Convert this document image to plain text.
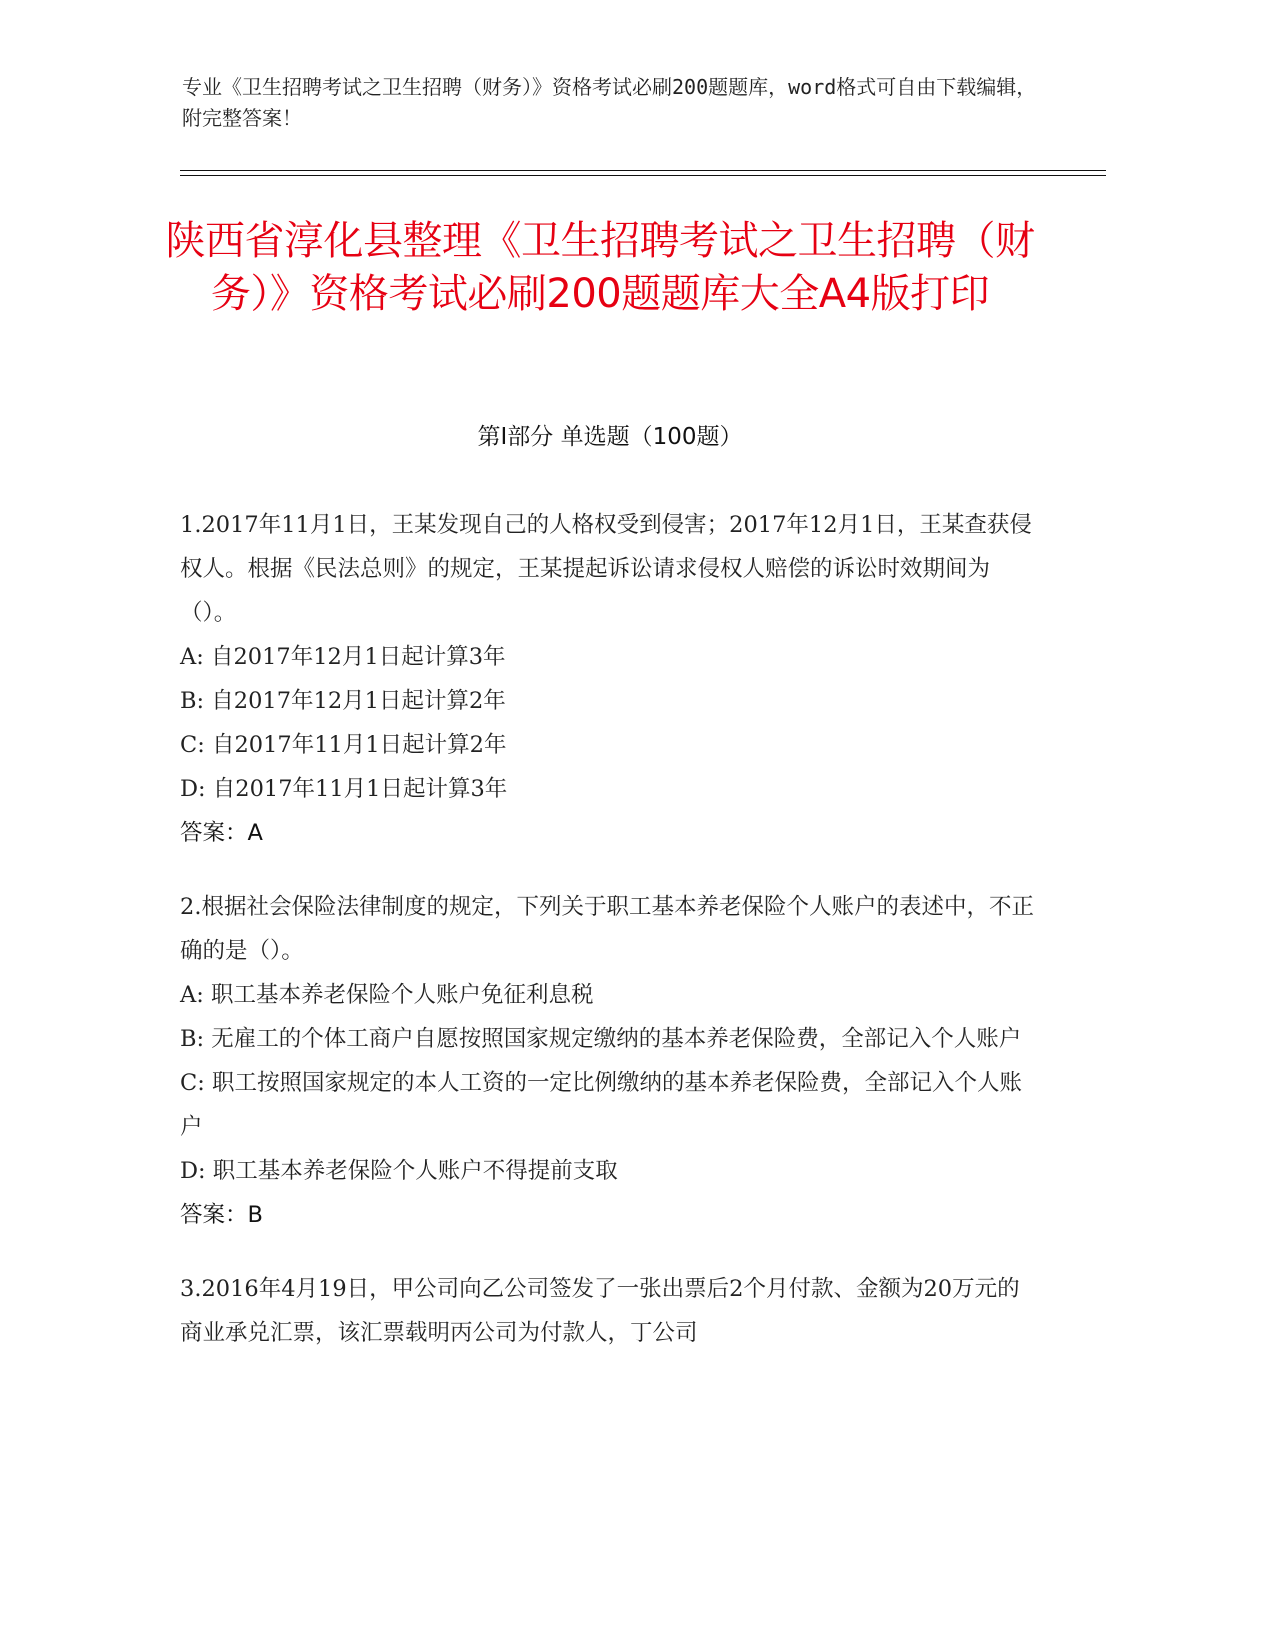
专业《卫生招聘考试之卫生招聘（财务）》资格考试必刷200题题库，word格式可自由下载编辑，附完整答案！
陕西省淳化县整理《卫生招聘考试之卫生招聘（财务）》资格考试必刷200题题库大全A4版打印
第I部分 单选题（100题）

1.2017年11月1日，王某发现自己的人格权受到侵害；2017年12月1日，王某查获侵权人。根据《民法总则》的规定，王某提起诉讼请求侵权人赔偿的诉讼时效期间为（）。

A: 自2017年12月1日起计算3年

B: 自2017年12月1日起计算2年

C: 自2017年11月1日起计算2年

D: 自2017年11月1日起计算3年

答案：A

2.根据社会保险法律制度的规定，下列关于职工基本养老保险个人账户的表述中，不正确的是（）。

A: 职工基本养老保险个人账户免征利息税

B: 无雇工的个体工商户自愿按照国家规定缴纳的基本养老保险费，全部记入个人账户

C: 职工按照国家规定的本人工资的一定比例缴纳的基本养老保险费，全部记入个人账户

D: 职工基本养老保险个人账户不得提前支取

答案：B

3.2016年4月19日，甲公司向乙公司签发了一张出票后2个月付款、金额为20万元的商业承兑汇票，该汇票载明丙公司为付款人，丁公司
